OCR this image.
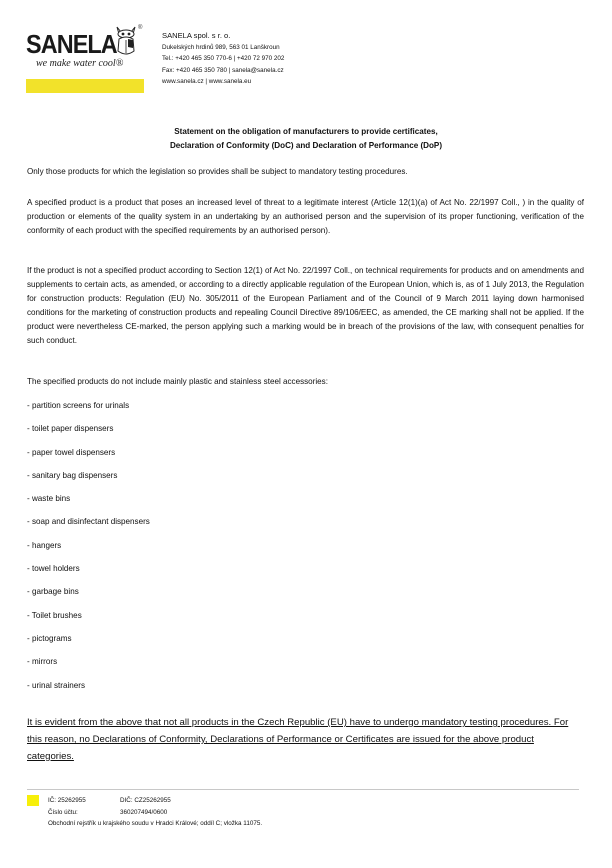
SANELA
®
we make water cool®
SANELA spol. s r. o.
Dukelských hrdinů 989, 563 01 Lanškroun
Tel.: +420 465 350 770-6 | +420 72 970 202
Fax: +420 465 350 780 | sanela@sanela.cz
www.sanela.cz | www.sanela.eu
Statement on the obligation of manufacturers to provide certificates,
Declaration of Conformity (DoC) and Declaration of Performance (DoP)
Only those products for which the legislation so provides shall be subject to mandatory testing procedures.
A specified product is a product that poses an increased level of threat to a legitimate interest (Article 12(1)(a) of Act No. 22/1997 Coll., ) in the quality of production or elements of the quality system in an undertaking by an authorised person and the supervision of its proper functioning, verification of the conformity of each product with the specified requirements by an authorised person).
If the product is not a specified product according to Section 12(1) of Act No. 22/1997 Coll., on technical requirements for products and on amendments and supplements to certain acts, as amended, or according to a directly applicable regulation of the European Union, which is, as of 1 July 2013, the Regulation for construction products: Regulation (EU) No. 305/2011 of the European Parliament and of the Council of 9 March 2011 laying down harmonised conditions for the marketing of construction products and repealing Council Directive 89/106/EEC, as amended, the CE marking shall not be applied. If the product were nevertheless CE-marked, the person applying such a marking would be in breach of the provisions of the law, with consequent penalties for such conduct.
The specified products do not include mainly plastic and stainless steel accessories:
- partition screens for urinals
- toilet paper dispensers
- paper towel dispensers
- sanitary bag dispensers
- waste bins
- soap and disinfectant dispensers
- hangers
- towel holders
- garbage bins
- Toilet brushes
- pictograms
- mirrors
- urinal strainers
It is evident from the above that not all products in the Czech Republic (EU) have to undergo mandatory testing procedures. For this reason, no Declarations of Conformity, Declarations of Performance or Certificates are issued for the above product categories.
IČ: 25262955	DIČ: CZ25262955
Číslo účtu:	360207494/0600
Obchodní rejstřík u krajského soudu v Hradci Králové; oddíl C; vložka 11075.
